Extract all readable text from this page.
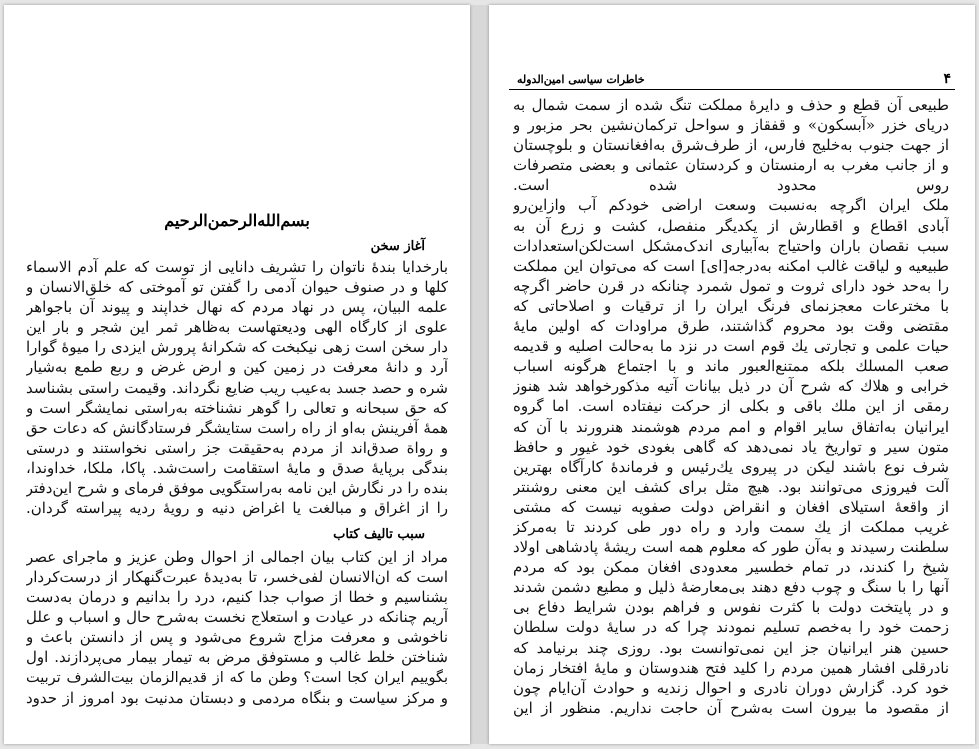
بسم‌الله‌الرحمن‌الرحیم
آغاز سخن
بارخدایا بندهٔ ناتوان را تشریف دانایی از توست که علم آدم الاسماء
کلها و در صنوف حیوان آدمی را گفتن تو آموختی که خلق‌الانسان و
علمه البیان، پس در نهاد مردم که نهال خداپند و پیوند آن باجواهر
علوی از کارگاه الهی ودیعتهاست به‌ظاهر ثمر این شجر و بار این
دار سخن است زهی نیکبخت که شکرانهٔ پرورش ایزدی را میوهٔ گوارا
آرد و دانهٔ معرفت در زمین کین و ارض غرض و ربع طمع به‌شیار
شره و حصد جسد به‌عیب ریب ضایع نگرداند. وقیمت راستی بشناسد
که حق سبحانه و تعالی را گوهر نشناخته به‌راستی نمایشگر است و
همهٔ آفرینش به‌او از راه راست ستایشگر فرستادگانش که دعات حق
و رواة صدق‌اند از مردم به‌حقیقت جز راستی نخواستند و درستی
بندگی برپایهٔ صدق و مایهٔ استقامت راست‌شد. پاکا، ملکا، خداوندا،
بنده را در نگارش این نامه به‌راستگویی موفق فرمای و شرح این‌دفتر
را از اغراق و مبالغت یا اغراض دنیه و رویهٔ ردیه پیراسته گردان.
سبب تالیف کتاب
مراد از این کتاب بیان اجمالی از احوال وطن عزیز و ماجرای عصر
است که ان‌الانسان لفی‌خسر، تا به‌دیدهٔ عبرت‌گنهکار از درست‌کردار
بشناسیم و خطا از صواب جدا کنیم، درد را بدانیم و درمان به‌دست
آریم چنانکه در عیادت و استعلاج نخست به‌شرح حال و اسباب و علل
ناخوشی و معرفت مزاج شروع می‌شود و پس از دانستن باعث و
شناختن خلط غالب و مستوفق مرض به تیمار بیمار می‌پردازند. اول
بگوییم ایران کجا است؟ وطن ما که از قدیم‌الزمان بیت‌الشرف تربیت
و مرکز سیاست و بنگاه مردمی و دبستان مدنیت بود امروز از حدود
۴
خاطرات سیاسی امین‌الدوله
طبیعی آن قطع و حذف و دایرهٔ مملکت تنگ شده از سمت شمال به
دریای خزر «آبسکون» و قفقاز و سواحل ترکمان‌نشین بحر مزبور و
از جهت جنوب به‌خلیج فارس، از طرف‌شرق به‌افغانستان و بلوچستان
و از جانب مغرب به ارمنستان و کردستان عثمانی و بعضی متصرفات
روس محدود شده است.
ملک ایران اگرچه به‌نسبت وسعت اراضی خودکم آب وازاین‌رو
آبادی اقطاع و اقطارش از یکدیگر منفصل، کشت و زرع آن به
سبب نقصان باران واحتیاج به‌آبیاری اندک‌مشکل است‌لکن‌استعدادات
طبیعیه و لیاقت غالب امکنه به‌درجه‌[ای] است که می‌توان این مملکت
را به‌حد خود دارای ثروت و تمول شمرد چنانکه در قرن حاضر اگرچه
با مخترعات معجزنمای فرنگ ایران را از ترقیات و اصلاحاتی که
مقتضی وقت بود محروم گذاشتند، طرق مراودات که اولین مایهٔ
حیات علمی و تجارتی یك قوم است در نزد ما به‌حالت اصلیه و قدیمه
صعب المسلك بلكه ممتنع‌العبور ماند و با اجتماع هرگونه اسباب
خرابی و هلاك كه شرح آن در ذیل بیانات آتیه مذكورخواهد شد هنوز
رمقی از این ملك باقی و بكلی از حركت نیفتاده است. اما گروه
ایرانیان به‌اتفاق سایر اقوام و امم مردم هوشمند هنرورند با آن كه
متون سیر و تواریخ یاد نمی‌دهد كه گاهی بغودی خود غیور و حافظ
شرف نوع باشند لیكن در پیروی یك‌رئیس و فرماندهٔ كارآگاه بهترین
آلت فیروزی می‌توانند بود. هیچ مثل برای كشف این معنی روشنتر
از واقعهٔ استیلای افغان و انقراض دولت صفویه نیست كه مشتی
غریب مملكت از یك سمت وارد و راه دور طی كردند تا به‌مركز
سلطنت رسیدند و به‌آن طور كه معلوم همه است ریشهٔ پادشاهی اولاد
شیخ را كندند، در تمام خطسیر معدودی افغان ممكن بود كه مردم
آنها را با سنگ و چوب دفع دهند بی‌معارضهٔ ذلیل و مطیع دشمن شدند
و در پایتخت دولت با كثرت نفوس و فراهم بودن شرایط دفاع بی
زحمت خود را به‌خصم تسلیم نمودند چرا كه در سایهٔ دولت سلطان
حسین هنر ایرانیان جز این نمی‌توانست بود. روزی چند برنیامد كه
نادرقلی افشار همین مردم را كلید فتح هندوستان و مایهٔ افتخار زمان
خود كرد. گزارش دوران نادری و احوال زندیه و حوادث آن‌ایام چون
از مقصود ما بیرون است به‌شرح آن حاجت نداریم. منظور از این
